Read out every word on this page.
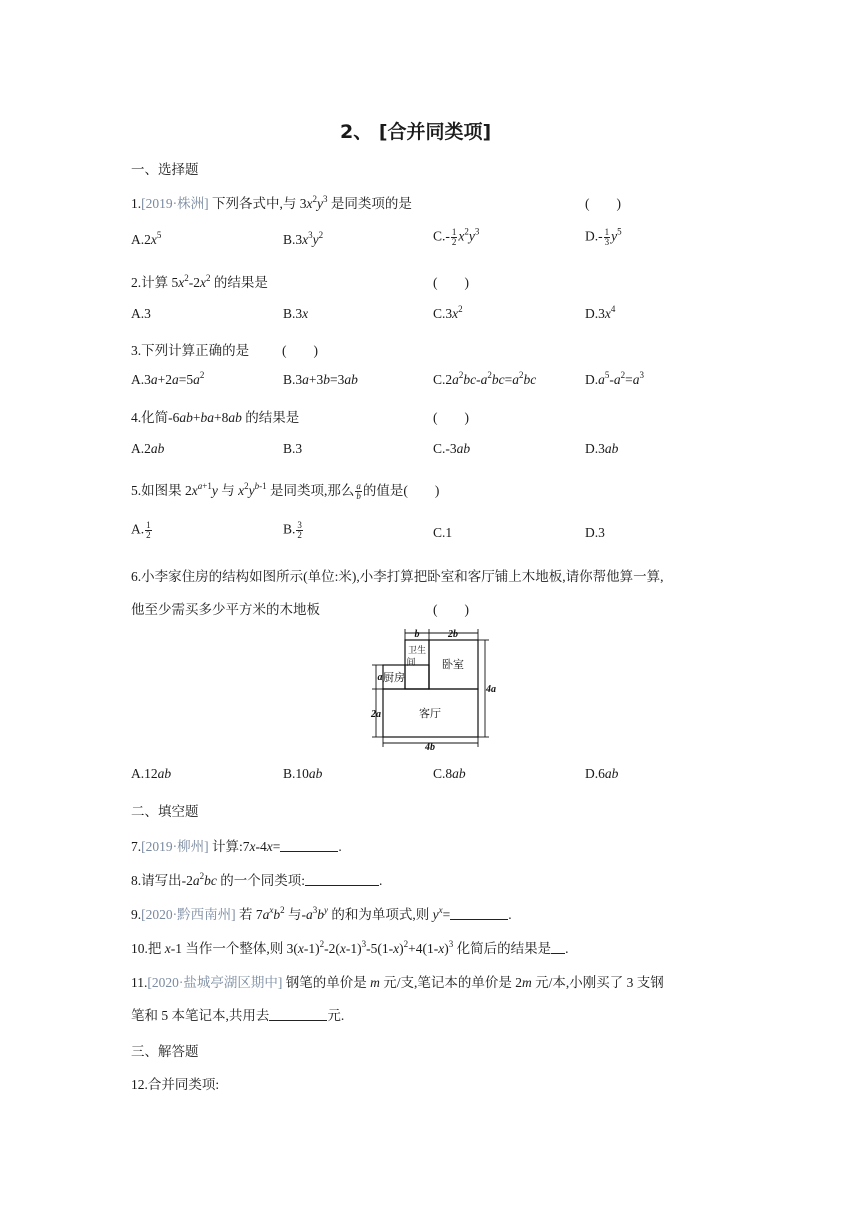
2、 [合并同类项]
一、选择题
1.[2019·株洲] 下列各式中,与 $3x^2y^3$ 是同类项的是	(　　)
$A.2x^5$	$B.3x^3y^2$	$C.- \frac{1}{2} x^2y^3$	$D.- \frac{1}{3} y^5$
2.计算 $5x^2-2x^2$ 的结果是	(　　)
A.3	B.3x	$C.3x^2$	$D.3x^4$
3.下列计算正确的是 (　　)
$A.3a+2a=5a^2$	B.3a+3b=3ab	$C.2a^2bc-a^2bc=a^2bc$	$D.a^5-a^2=a^3$
4.化简-6ab+ba+8ab 的结果是	(　　)
A.2ab	B.3	C.-3ab	D.3ab
5.如图果 $2x^{a+1}y$ 与 $x^2y^{b-1}$ 是同类项,那么 $\frac{a}{b}$ 的值是(　　)
A. $\frac{1}{2}$	B. $\frac{3}{2}$	C.1	D.3
6.小李家住房的结构如图所示(单位:米),小李打算把卧室和客厅铺上木地板,请你帮他算一算,
他至少需买多少平方米的木地板	(　　)
b	2b
卫生
间 卧室
厨房
客厅
a
2a
4a
4b
A.12ab	B.10ab	C.8ab	D.6ab
二、填空题
7.[2019·柳州] 计算:7x-4x=	.
8.请写出$-2a^2bc$ 的一个同类项:	.
9.[2020·黔西南州] 若 $7a^xb^2$ 与$-a^3b^y$ 的和为单项式,则 $y^x=$	.
10.把 x-1 当作一个整体,则 $3(x-1)^2-2(x-1)^3-5(1-x)^2+4(1-x)^3$ 化简后的结果是 .
11.[2020·盐城亭湖区期中] 钢笔的单价是 m 元/支,笔记本的单价是 2m 元/本,小刚买了 3 支钢
笔和 5 本笔记本,共用去	元.
三、解答题
12.合并同类项:
